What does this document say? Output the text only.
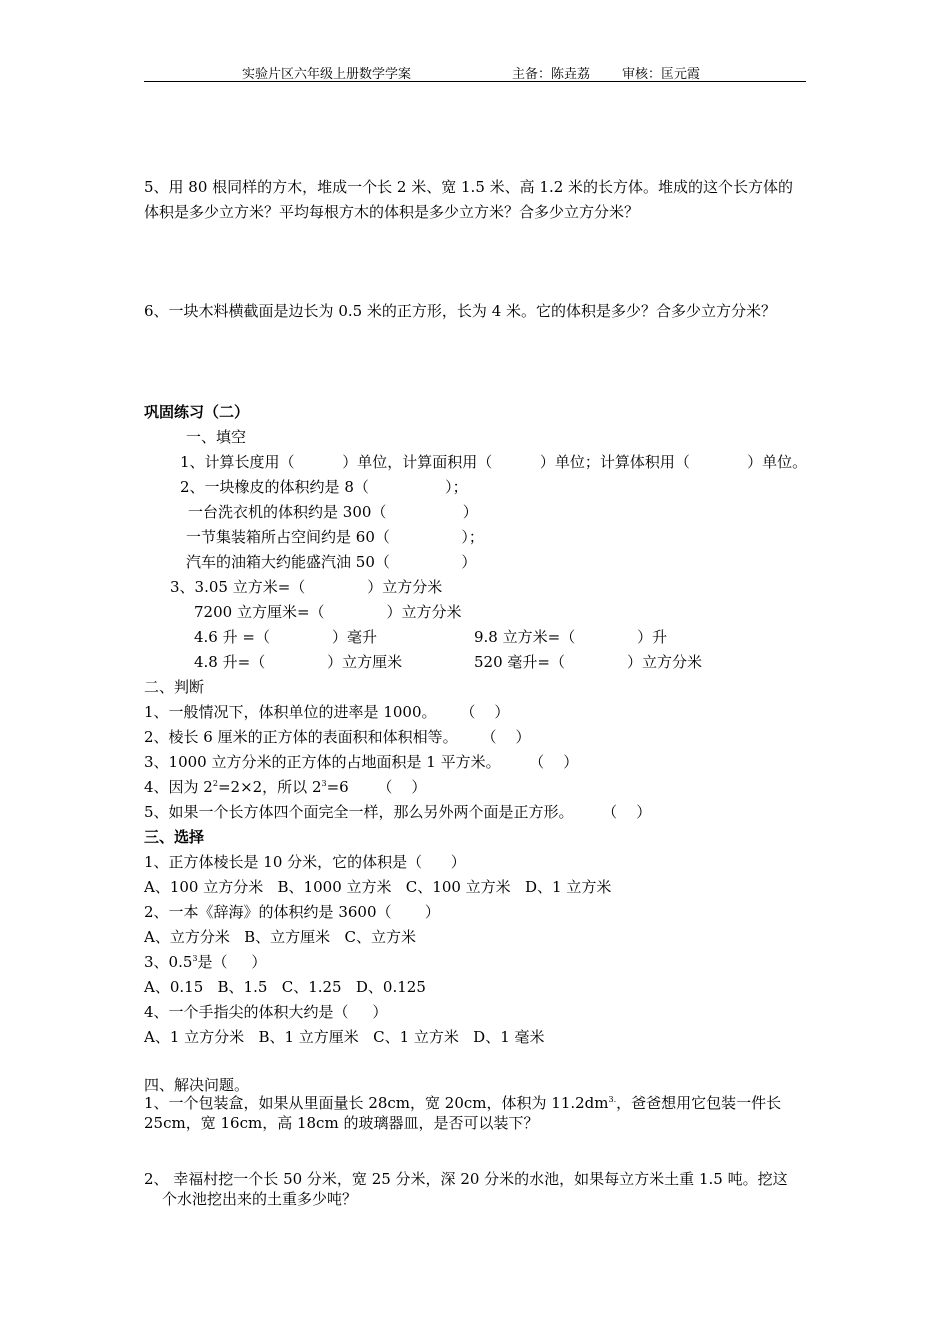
实验片区六年级上册数学学案	主备：陈垚荔 审核：匡元霞
5、用 80 根同样的方木，堆成一个长 2 米、宽 1.5 米、高 1.2 米的长方体。堆成的这个长方体的
体积是多少立方米？平均每根方木的体积是多少立方米？合多少立方分米？
6、一块木料横截面是边长为 0.5 米的正方形，长为 4 米。它的体积是多少？合多少立方分米？
巩固练习（二）
一、填空
1、计算长度用（          ）单位，计算面积用（          ）单位；计算体积用（            ）单位。
2、一块橡皮的体积约是 8（                ）；
一台洗衣机的体积约是 300（                ）
一节集装箱所占空间约是 60（               ）；
汽车的油箱大约能盛汽油 50（               ）
3、3.05 立方米=（             ）立方分米
7200 立方厘米=（             ）立方分米
4.6 升 =（             ）毫升	9.8 立方米=（             ）升
4.8 升=（             ）立方厘米	520 毫升=（             ）立方分米
二、判断
1、一般情况下，体积单位的进率是 1000。     （    ）
2、棱长 6 厘米的正方体的表面积和体积相等。     （    ）
3、1000 立方分米的正方体的占地面积是 1 平方米。      （    ）
4、因为 $2^2=2\times 2$，所以 $2^3=6$      （    ）
5、如果一个长方体四个面完全一样，那么另外两个面是正方形。      （    ）
三、选择
1、正方体棱长是 10 分米，它的体积是（      ）
A、100 立方分米   B、1000 立方米   C、100 立方米   D、1 立方米
2、一本《辞海》的体积约是 3600（       ）
A、立方分米   B、立方厘米   C、立方米
3、$0.5^3$是（     ）
A、0.15   B、1.5   C、1.25   D、0.125
4、一个手指尖的体积大约是（     ）
A、1 立方分米   B、1 立方厘米   C、1 立方米   D、1 毫米
四、解决问题。
1、一个包装盒，如果从里面量长 28cm，宽 20cm，体积为 $11.2dm^{3.}$，爸爸想用它包装一件长
25cm，宽 16cm，高 18cm 的玻璃器皿，是否可以装下？
2、 幸福村挖一个长 50 分米，宽 25 分米，深 20 分米的水池，如果每立方米土重 1.5 吨。挖这
个水池挖出来的土重多少吨？
